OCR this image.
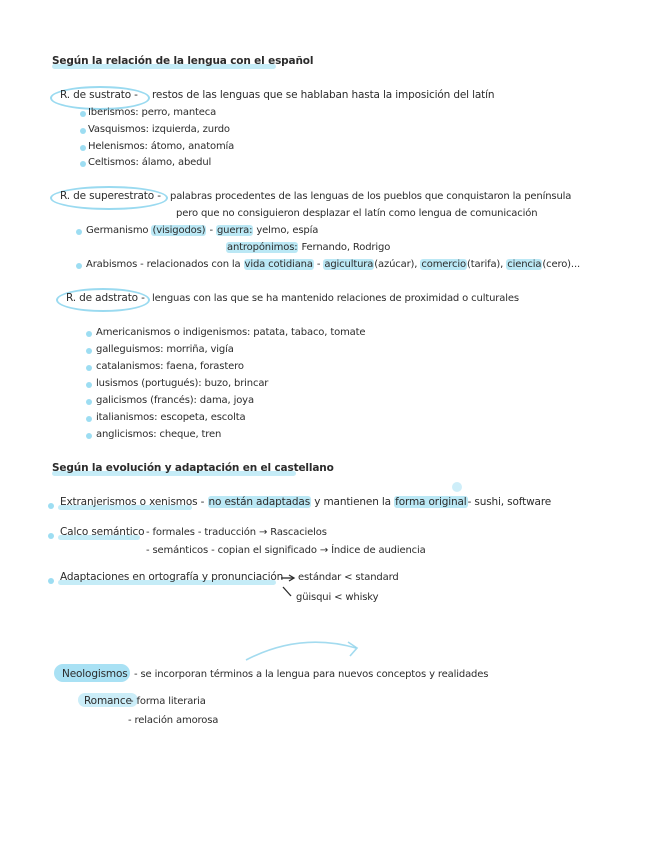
Según la relación de la lengua con el español
R. de sustrato - restos de las lenguas que se hablaban hasta la imposición del latín
Iberismos: perro, manteca
Vasquismos: izquierda, zurdo
Helenismos: átomo, anatomía
Celtismos: álamo, abedul
R. de superestrato - palabras procedentes de las lenguas de los pueblos que conquistaron la península
pero que no consiguieron desplazar el latín como lengua de comunicación
Germanismo (visigodos) - guerra: yelmo, espía
antropónimos: Fernando, Rodrigo
Arabismos - relacionados con la vida cotidiana - agicultura(azúcar), comercio(tarifa), ciencia(cero)...
R. de adstrato - lenguas con las que se ha mantenido relaciones de proximidad o culturales
Americanismos o indigenismos: patata, tabaco, tomate
galleguismos: morriña, vigía
catalanismos: faena, forastero
lusismos (portugués): buzo, brincar
galicismos (francés): dama, joya
italianismos: escopeta, escolta
anglicismos: cheque, tren
Según la evolución y adaptación en el castellano
Extranjerismos o xenismos - no están adaptadas y mantienen la forma original- sushi, software
Calco semántico - formales - traducción → Rascacielos
- semánticos - copian el significado → Índice de audiencia
Adaptaciones en ortografía y pronunciación estándar < standard
güisqui < whisky
Neologismos - se incorporan términos a la lengua para nuevos conceptos y realidades
Romance
- forma literaria
- relación amorosa
